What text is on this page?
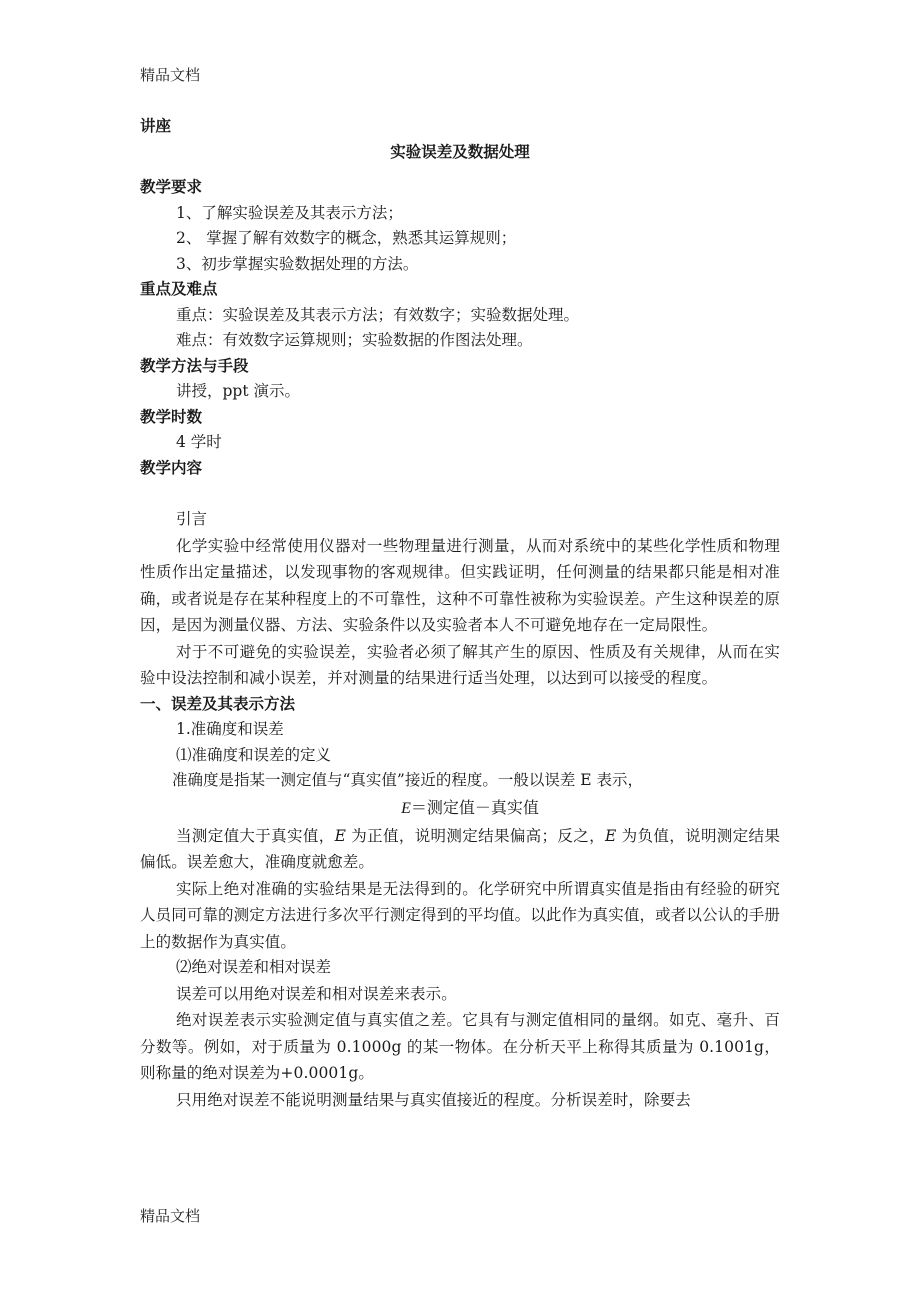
精品文档
讲座
实验误差及数据处理
教学要求
1、了解实验误差及其表示方法；
2、 掌握了解有效数字的概念，熟悉其运算规则；
3、初步掌握实验数据处理的方法。
重点及难点
重点：实验误差及其表示方法；有效数字；实验数据处理。
难点：有效数字运算规则；实验数据的作图法处理。
教学方法与手段
讲授，ppt 演示。
教学时数
4 学时
教学内容
引言
化学实验中经常使用仪器对一些物理量进行测量，从而对系统中的某些化学性质和物理性质作出定量描述，以发现事物的客观规律。但实践证明，任何测量的结果都只能是相对准确，或者说是存在某种程度上的不可靠性，这种不可靠性被称为实验误差。产生这种误差的原因，是因为测量仪器、方法、实验条件以及实验者本人不可避免地存在一定局限性。
对于不可避免的实验误差，实验者必须了解其产生的原因、性质及有关规律，从而在实验中设法控制和减小误差，并对测量的结果进行适当处理，以达到可以接受的程度。
一、误差及其表示方法
1.准确度和误差
⑴准确度和误差的定义
准确度是指某一测定值与“真实值”接近的程度。一般以误差 E 表示，
E＝测定值－真实值
当测定值大于真实值，E 为正值，说明测定结果偏高；反之，E 为负值，说明测定结果偏低。误差愈大，准确度就愈差。
实际上绝对准确的实验结果是无法得到的。化学研究中所谓真实值是指由有经验的研究人员同可靠的测定方法进行多次平行测定得到的平均值。以此作为真实值，或者以公认的手册上的数据作为真实值。
⑵绝对误差和相对误差
误差可以用绝对误差和相对误差来表示。
绝对误差表示实验测定值与真实值之差。它具有与测定值相同的量纲。如克、毫升、百分数等。例如，对于质量为 0.1000g 的某一物体。在分析天平上称得其质量为 0.1001g，则称量的绝对误差为+0.0001g。
只用绝对误差不能说明测量结果与真实值接近的程度。分析误差时，除要去
精品文档
